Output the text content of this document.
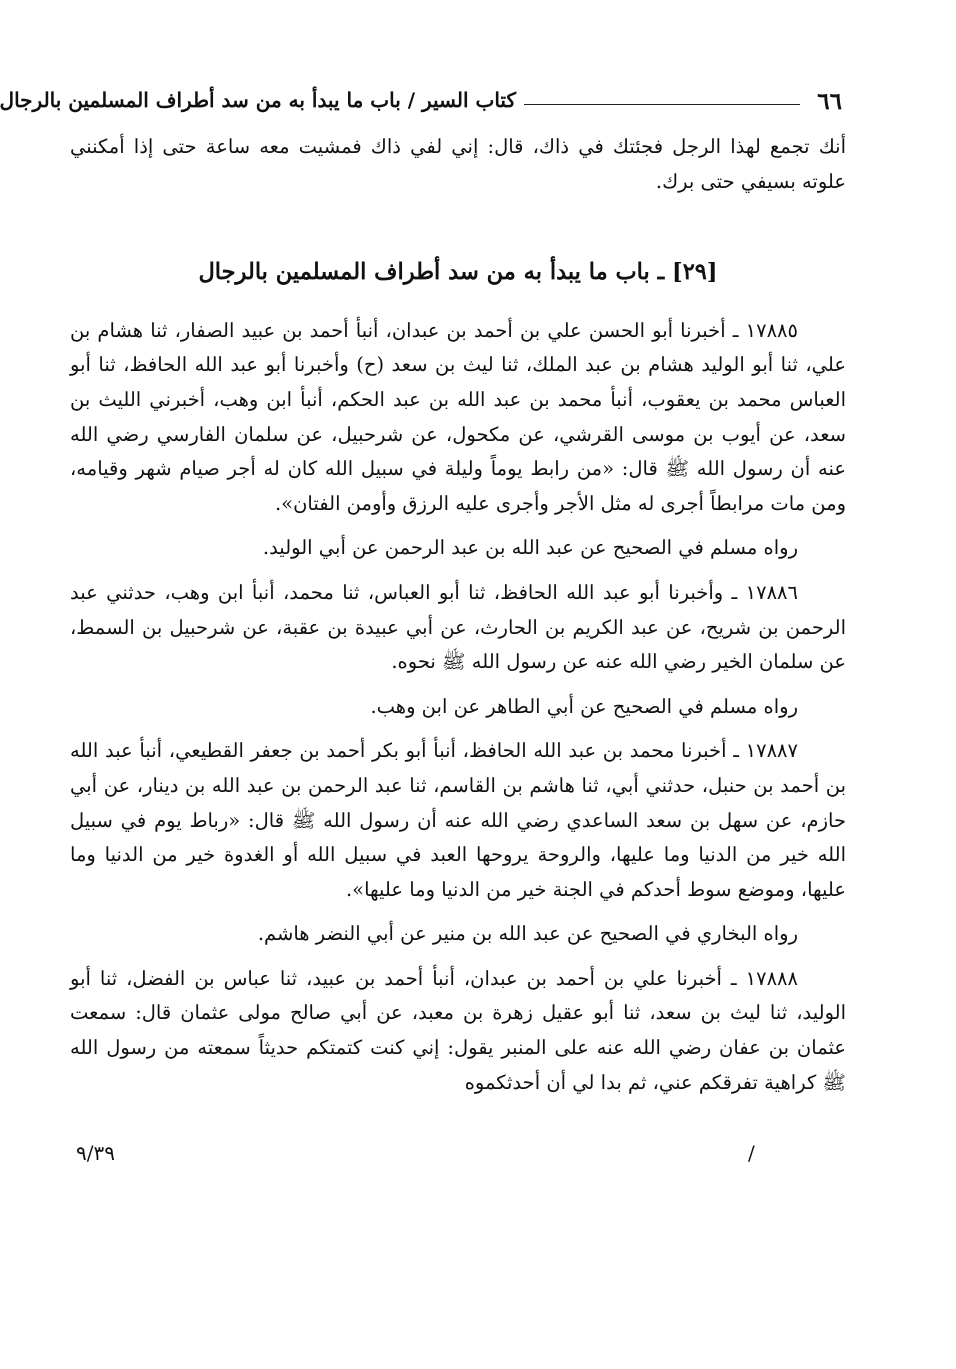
٦٦
كتاب السير / باب ما يبدأ به من سد أطراف المسلمين بالرجال
٩/٣٩	/

أنك تجمع لهذا الرجل فجئتك في ذاك، قال: إني لفي ذاك فمشيت معه ساعة حتى إذا أمكنني علوته بسيفي حتى برك.

[٢٩] ـ باب ما يبدأ به من سد أطراف المسلمين بالرجال

١٧٨٨٥ ـ أخبرنا أبو الحسن علي بن أحمد بن عبدان، أنبأ أحمد بن عبيد الصفار، ثنا هشام بن علي، ثنا أبو الوليد هشام بن عبد الملك، ثنا ليث بن سعد (ح) وأخبرنا أبو عبد الله الحافظ، ثنا أبو العباس محمد بن يعقوب، أنبأ محمد بن عبد الله بن عبد الحكم، أنبأ ابن وهب، أخبرني الليث بن سعد، عن أيوب بن موسى القرشي، عن مكحول، عن شرحبيل، عن سلمان الفارسي رضي الله عنه أن رسول الله ﷺ قال: «من رابط يوماً وليلة في سبيل الله كان له أجر صيام شهر وقيامه، ومن مات مرابطاً أجرى له مثل الأجر وأجرى عليه الرزق وأومن الفتان».

رواه مسلم في الصحيح عن عبد الله بن عبد الرحمن عن أبي الوليد.

١٧٨٨٦ ـ وأخبرنا أبو عبد الله الحافظ، ثنا أبو العباس، ثنا محمد، أنبأ ابن وهب، حدثني عبد الرحمن بن شريح، عن عبد الكريم بن الحارث، عن أبي عبيدة بن عقبة، عن شرحبيل بن السمط، عن سلمان الخير رضي الله عنه عن رسول الله ﷺ نحوه.

رواه مسلم في الصحيح عن أبي الطاهر عن ابن وهب.

١٧٨٨٧ ـ أخبرنا محمد بن عبد الله الحافظ، أنبأ أبو بكر أحمد بن جعفر القطيعي، أنبأ عبد الله بن أحمد بن حنبل، حدثني أبي، ثنا هاشم بن القاسم، ثنا عبد الرحمن بن عبد الله بن دينار، عن أبي حازم، عن سهل بن سعد الساعدي رضي الله عنه أن رسول الله ﷺ قال: «رباط يوم في سبيل الله خير من الدنيا وما عليها، والروحة يروحها العبد في سبيل الله أو الغدوة خير من الدنيا وما عليها، وموضع سوط أحدكم في الجنة خير من الدنيا وما عليها».

رواه البخاري في الصحيح عن عبد الله بن منير عن أبي النضر هاشم.

١٧٨٨٨ ـ أخبرنا علي بن أحمد بن عبدان، أنبأ أحمد بن عبيد، ثنا عباس بن الفضل، ثنا أبو الوليد، ثنا ليث بن سعد، ثنا أبو عقيل زهرة بن معبد، عن أبي صالح مولى عثمان قال: سمعت عثمان بن عفان رضي الله عنه على المنبر يقول: إني كنت كتمتكم حديثاً سمعته من رسول الله ﷺ كراهية تفرقكم عني، ثم بدا لي أن أحدثكموه
